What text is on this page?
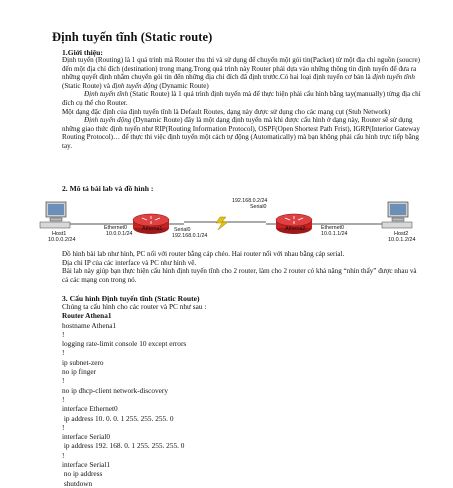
Định tuyến tĩnh (Static route)
1.Giới thiệu:

Định tuyến (Routing) là 1 quá trình mà Router thu thi và sử dụng để chuyển một gói tin(Packet) từ một địa chỉ nguồn (soucre) đến một địa chỉ đích (destination) trong mạng.Trong quá trình này Router phải dựa vào những thông tin định tuyến để đưa ra những quyết định nhằm chuyển gói tin đến những địa chỉ đích đã định trước.Có hai loại định tuyến cơ bản là định tuyến tĩnh (Static Route) và định tuyến động (Dynamic Route)

Định tuyến tĩnh (Static Route) là 1 quá trình định tuyến mà để thực hiện phải cấu hình bằng tay(manually) từng địa chỉ đích cụ thể cho Router.

Một dạng đặc định của định tuyến tĩnh là Default Routes, dạng này được sử dụng cho các mạng cụt (Stub Network)

Định tuyến động (Dynamic Route) đây là một dạng định tuyến mà khi được cấu hình ở dạng này, Router sẽ sử dụng những giao thức định tuyến như RIP(Routing Information Protocol), OSPF(Open Shortest Path Frist), IGRP(Interior Gateway Routing Protocol)… để thực thi việc định tuyến một cách tự động (Automatically) mà bạn không phải cấu hình trực tiếp bằng tay.

2. Mô tả bài lab và đồ hình :
Host1
10.0.0.2/24
Athena1
Ethernet0
10.0.0.1/24
Serial0
192.168.0.1/24
Athena2
192.168.0.2/24
Serial0
Ethernet0
10.0.1.1/24	Host2
10.0.1.2/24

Đồ hình bài lab như hình, PC nối với router bằng cáp chéo. Hai router nối với nhau bằng cáp serial.

Địa chỉ IP của các interface và PC như hình vẽ.

Bài lab này giúp bạn thực hiện cấu hình định tuyến tĩnh cho 2 router, làm cho 2 router có khả năng “nhìn thấy” được nhau và cả các mạng con trong nó.

3. Cấu hình Định tuyến tĩnh (Static Route)
Chúng ta cấu hình cho các router và PC như sau :
Router Athena1
hostname Athena1
!
logging rate-limit console 10 except errors
!
ip subnet-zero
no ip finger
!
no ip dhcp-client network-discovery
!
interface Ethernet0
ip address 10. 0. 0. 1 255. 255. 255. 0
!
interface Serial0
ip address 192. 168. 0. 1 255. 255. 255. 0
!
interface Serial1
no ip address
shutdown
